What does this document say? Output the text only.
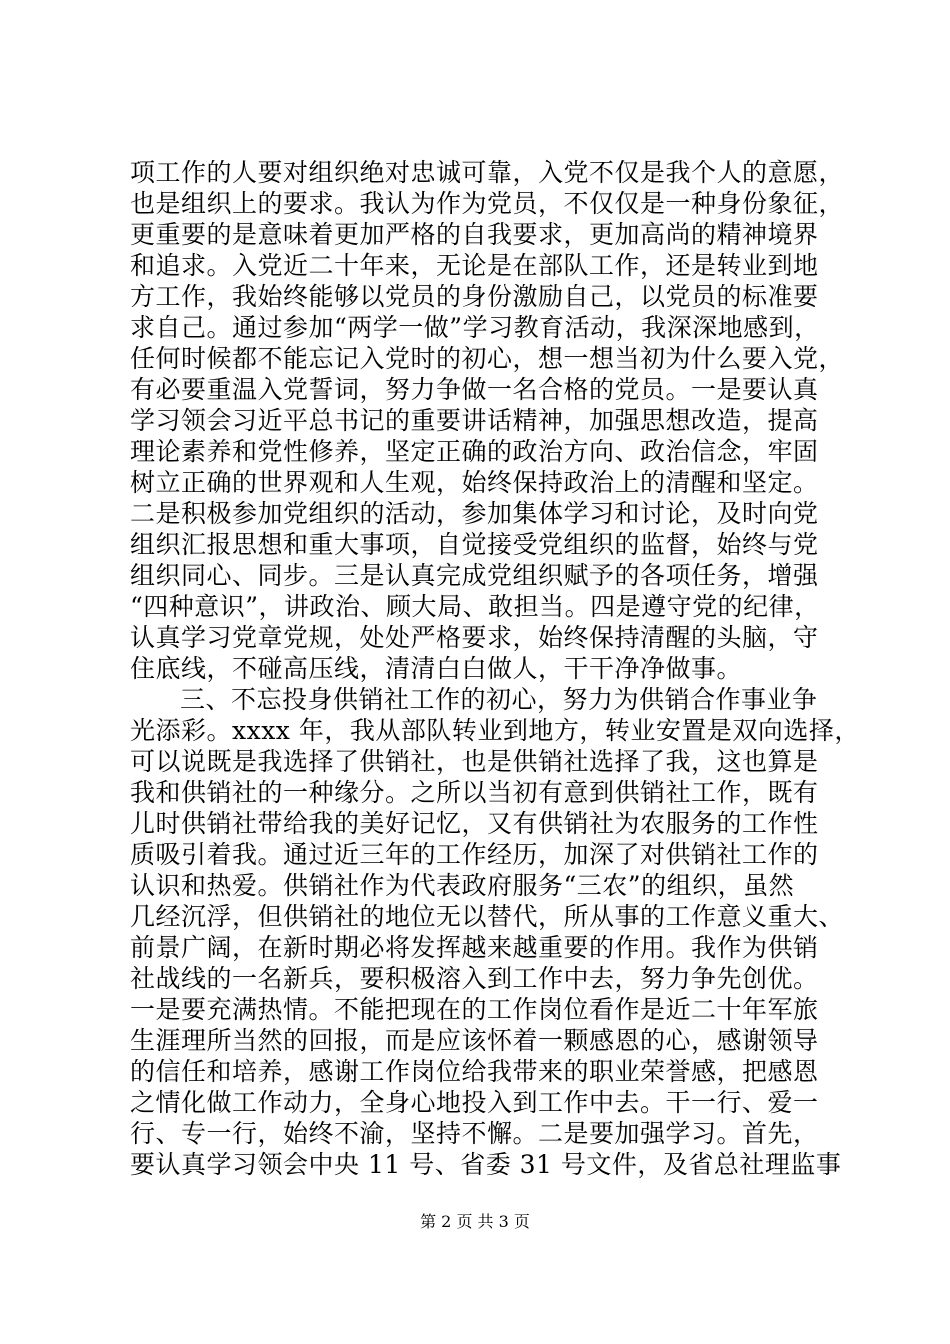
项工作的人要对组织绝对忠诚可靠，入党不仅是我个人的意愿，
也是组织上的要求。我认为作为党员，不仅仅是一种身份象征，
更重要的是意味着更加严格的自我要求，更加高尚的精神境界
和追求。入党近二十年来，无论是在部队工作，还是转业到地
方工作，我始终能够以党员的身份激励自己，以党员的标准要
求自己。通过参加“两学一做”学习教育活动，我深深地感到，
任何时候都不能忘记入党时的初心，想一想当初为什么要入党，
有必要重温入党誓词，努力争做一名合格的党员。一是要认真
学习领会习近平总书记的重要讲话精神，加强思想改造，提高
理论素养和党性修养，坚定正确的政治方向、政治信念，牢固
树立正确的世界观和人生观，始终保持政治上的清醒和坚定。
二是积极参加党组织的活动，参加集体学习和讨论，及时向党
组织汇报思想和重大事项，自觉接受党组织的监督，始终与党
组织同心、同步。三是认真完成党组织赋予的各项任务，增强
“四种意识”，讲政治、顾大局、敢担当。四是遵守党的纪律，
认真学习党章党规，处处严格要求，始终保持清醒的头脑，守
住底线，不碰高压线，清清白白做人，干干净净做事。
三、不忘投身供销社工作的初心，努力为供销合作事业争
光添彩。xxxx 年，我从部队转业到地方，转业安置是双向选择，
可以说既是我选择了供销社，也是供销社选择了我，这也算是
我和供销社的一种缘分。之所以当初有意到供销社工作，既有
儿时供销社带给我的美好记忆，又有供销社为农服务的工作性
质吸引着我。通过近三年的工作经历，加深了对供销社工作的
认识和热爱。供销社作为代表政府服务“三农”的组织，虽然
几经沉浮，但供销社的地位无以替代，所从事的工作意义重大、
前景广阔，在新时期必将发挥越来越重要的作用。我作为供销
社战线的一名新兵，要积极溶入到工作中去，努力争先创优。
一是要充满热情。不能把现在的工作岗位看作是近二十年军旅
生涯理所当然的回报，而是应该怀着一颗感恩的心，感谢领导
的信任和培养，感谢工作岗位给我带来的职业荣誉感，把感恩
之情化做工作动力，全身心地投入到工作中去。干一行、爱一
行、专一行，始终不渝，坚持不懈。二是要加强学习。首先，
要认真学习领会中央 11 号、省委 31 号文件，及省总社理监事
第 2 页 共 3 页
